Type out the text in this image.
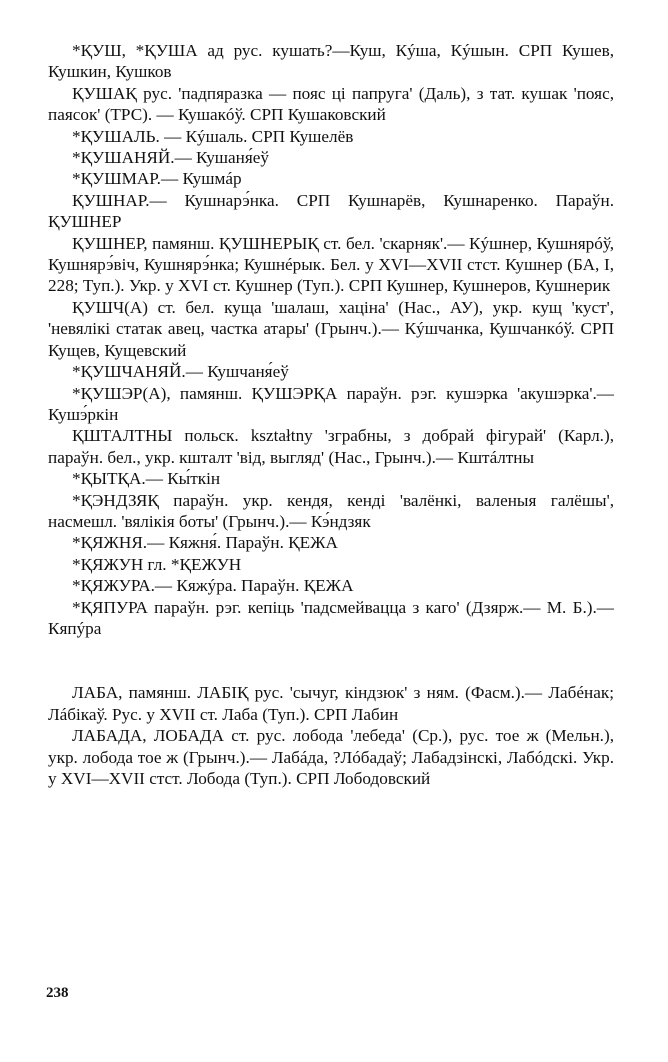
*ҚУШ, *ҚУША ад рус. кушать?—Куш, Кýша, Кýшын. СРП Кушев, Кушкин, Кушков

ҚУШАҚ рус. 'падпяразка — пояс ці папруга' (Даль), з тат. кушак 'пояс, паясок' (ТРС). — Кушакóў. СРП Кушаковский

*ҚУШАЛЬ. — Кýшаль. СРП Кушелёв

*ҚУШАНЯЙ.— Кушаня́еў

*ҚУШМАР.— Кушмáр

ҚУШНАР.— Кушнарэ́нка. СРП Кушнарёв, Кушнаренко. Параўн. ҚУШНЕР

ҚУШНЕР, памянш. ҚУШНЕРЫҚ ст. бел. 'скарняк'.— Кýшнер, Кушнярóў, Кушнярэ́віч, Кушнярэ́нка; Кушнéрык. Бел. у XVI—XVII стст. Кушнер (БА, I, 228; Туп.). Укр. у XVI ст. Кушнер (Туп.). СРП Кушнер, Кушнеров, Кушнерик

ҚУШЧ(А) ст. бел. куща 'шалаш, хаціна' (Нас., АУ), укр. кущ 'куст', 'невялікі статак авец, частка атары' (Грынч.).— Кýшчанка, Кушчанкóў. СРП Кущев, Кущевский

*ҚУШЧАНЯЙ.— Кушчаня́еў

*ҚУШЭР(А), памянш. ҚУШЭРҚА параўн. рэг. кушэрка 'акушэрка'.— Кушэ́ркін

ҚШТАЛТНЫ польск. kształtny 'зграбны, з добрай фігурай' (Карл.), параўн. бел., укр. кшталт 'від, выгляд' (Нас., Грынч.).— Кштáлтны

*ҚЫТҚА.— Кы́ткін

*ҚЭНДЗЯҚ параўн. укр. кендя, кенді 'валёнкі, валеныя галёшы', насмешл. 'вялікія боты' (Грынч.).— Кэ́ндзяк

*ҚЯЖНЯ.— Кяжня́. Параўн. ҚЕЖА

*ҚЯЖУН гл. *ҚЕЖУН

*ҚЯЖУРА.— Кяжýра. Параўн. ҚЕЖА

*ҚЯПУРА параўн. рэг. кепіць 'падсмейвацца з каго' (Дзярж.— М. Б.).— Кяпýра

ЛАБА, памянш. ЛАБІҚ рус. 'сычуг, кіндзюк' з ням. (Фасм.).— Лабéнак; Лáбікаў. Рус. у XVII ст. Лаба (Туп.). СРП Лабин

ЛАБАДА, ЛОБАДА ст. рус. лобода 'лебеда' (Ср.), рус. тое ж (Мельн.), укр. лобода тое ж (Грынч.).— Лабáда, ?Лóбадаў; Лабадзінскі, Лабóдскі. Укр. у XVI—XVII стст. Лобода (Туп.). СРП Лободовский

238
